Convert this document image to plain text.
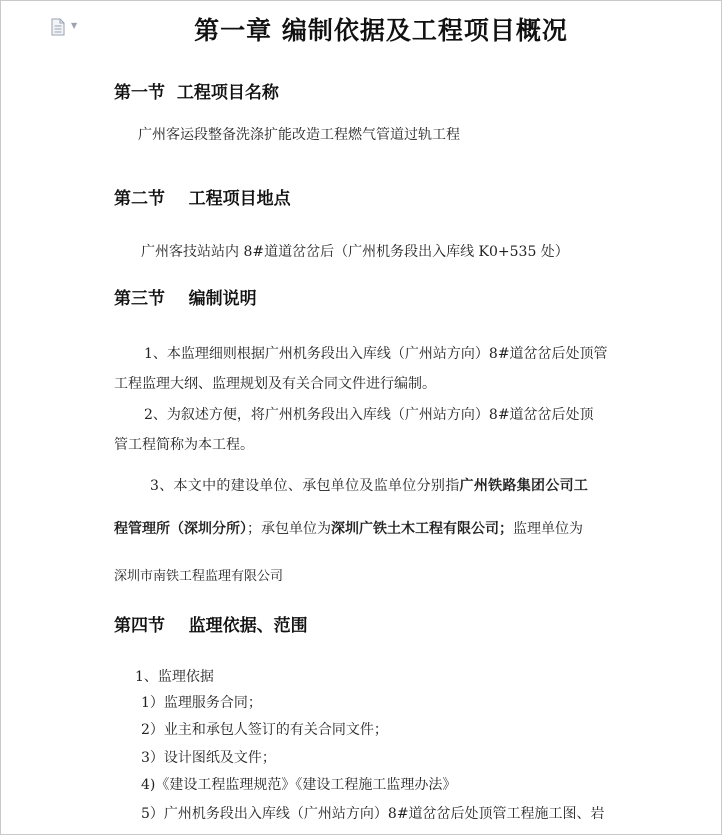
▼	第一章 编制依据及工程项目概况
第一节  工程项目名称

广州客运段整备洗涤扩能改造工程燃气管道过轨工程

第二节    工程项目地点

广州客技站站内 8#道道岔岔后（广州机务段出入库线 K0+535 处）

第三节    编制说明

1、本监理细则根据广州机务段出入库线（广州站方向）8#道岔岔后处顶管

工程监理大纲、监理规划及有关合同文件进行编制。

2、为叙述方便，将广州机务段出入库线（广州站方向）8#道岔岔后处顶

管工程简称为本工程。

3、本文中的建设单位、承包单位及监单位分别指广州铁路集团公司工

程管理所（深圳分所）；承包单位为深圳广铁土木工程有限公司；监理单位为

深圳市南铁工程监理有限公司

第四节    监理依据、范围

1、监理依据

1）监理服务合同；

2）业主和承包人签订的有关合同文件；

3）设计图纸及文件；

4)《建设工程监理规范》《建设工程施工监理办法》

5）广州机务段出入库线（广州站方向）8#道岔岔后处顶管工程施工图、岩
